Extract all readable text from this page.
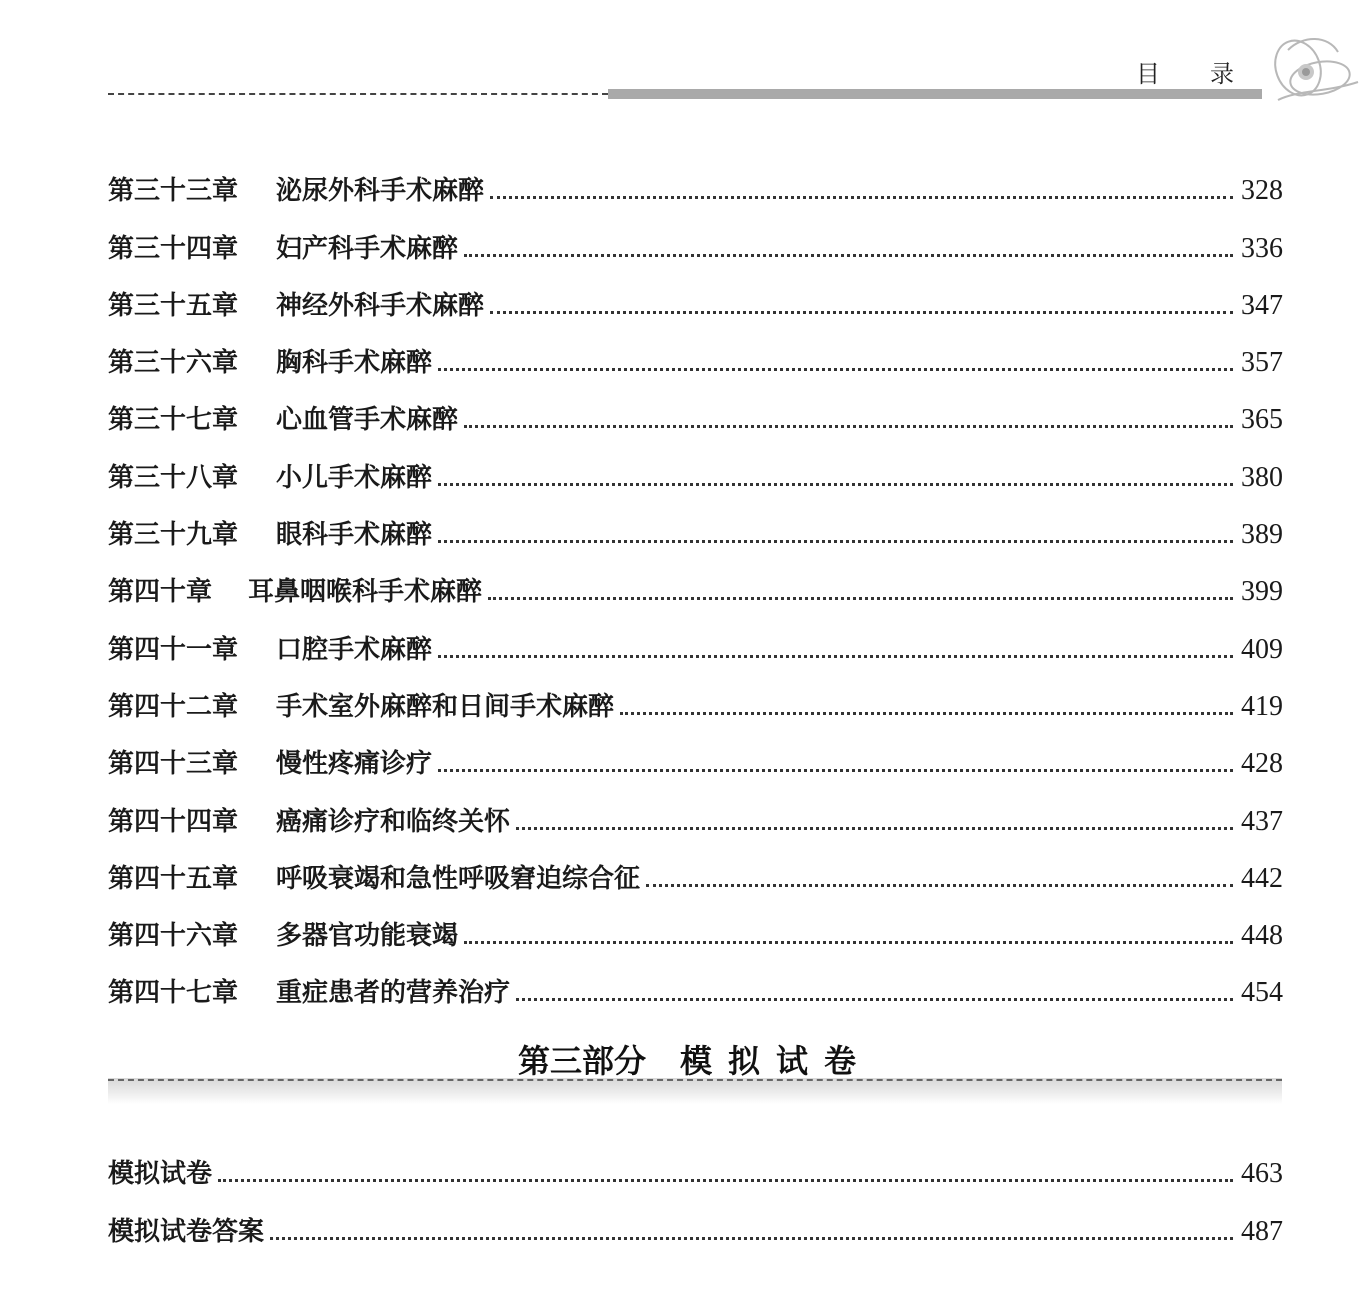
目录
第三十三章	泌尿外科手术麻醉	328
第三十四章	妇产科手术麻醉	336
第三十五章	神经外科手术麻醉	347
第三十六章	胸科手术麻醉	357
第三十七章	心血管手术麻醉	365
第三十八章	小儿手术麻醉	380
第三十九章	眼科手术麻醉	389
第四十章	耳鼻咽喉科手术麻醉	399
第四十一章	口腔手术麻醉	409
第四十二章	手术室外麻醉和日间手术麻醉	419
第四十三章	慢性疼痛诊疗	428
第四十四章	癌痛诊疗和临终关怀	437
第四十五章	呼吸衰竭和急性呼吸窘迫综合征	442
第四十六章	多器官功能衰竭	448
第四十七章	重症患者的营养治疗	454
第三部分 模拟试卷
模拟试卷	463
模拟试卷答案	487
